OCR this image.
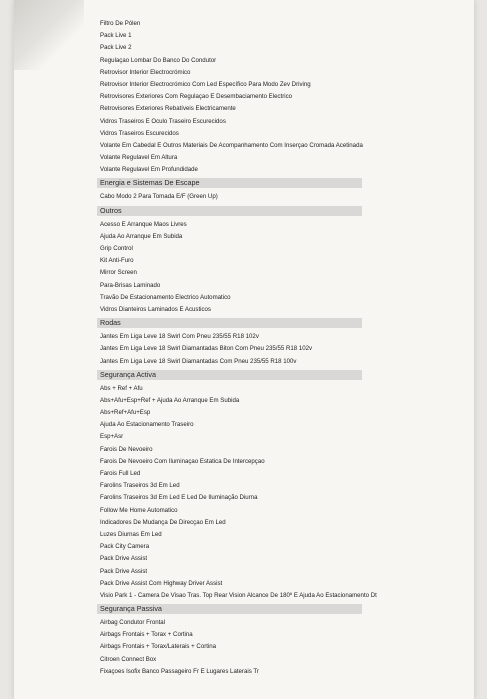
Filtro De Pólen
Pack Live 1
Pack Live 2
Regulaçao Lombar Do Banco Do Condutor
Retrovisor Interior Electrocrómico
Retrovisor Interior Electrocrómico Com Led Específico Para Modo Zev Driving
Retrovisores Exteriores Com Regulaçao E Desembaciamento Electrico
Retrovisores Exteriores Rebatíveis Electricamente
Vidros Traseiros E Oculo Traseiro Escurecidos
Vidros Traseiros Escurecidos
Volante Em Cabedal E Outros Materiais De Acompanhamento Com Inserçao Cromada Acetinada
Volante Regulavel Em Altura
Volante Regulavel Em Profundidade
Energia e Sistemas De Escape
Cabo Modo 2 Para Tomada E/F (Green Up)
Outros
Acesso E Arranque Maos Livres
Ajuda Ao Arranque Em Subida
Grip Control
Kit Anti-Furo
Mirror Screen
Para-Brisas Laminado
Travão De Estacionamento Electrico Automatico
Vidros Dianteiros Laminados E Acusticos
Rodas
Jantes Em Liga Leve 18 Swirl Com Pneu 235/55 R18 102v
Jantes Em Liga Leve 18 Swirl Diamantadas Biton Com Pneu 235/55 R18 102v
Jantes Em Liga Leve 18 Swirl Diamantadas Com Pneu 235/55 R18 100v
Segurança Activa
Abs + Ref + Afu
Abs+Afu+Esp+Ref + Ajuda Ao Arranque Em Subida
Abs+Ref+Afu+Esp
Ajuda Ao Estacionamento Traseiro
Esp+Asr
Farois De Nevoeiro
Farois De Nevoeiro Com Iluminaçao Estatica De Intercepçao
Farois Full Led
Farolins Traseiros 3d Em Led
Farolins Traseiros 3d Em Led E Led De Iluminação Diurna
Follow Me Home Automatico
Indicadores De Mudança De Direcçao Em Led
Luzes Diurnas Em Led
Pack City Camera
Pack Drive Assist
Pack Drive Assist
Pack Drive Assist Com Highway Driver Assist
Visio Park 1 - Camera De Visao Tras. Top Rear Vision Alcance De 180º E Ajuda Ao Estacionamento Dt
Segurança Passiva
Airbag Condutor Frontal
Airbags Frontais + Torax + Cortina
Airbags Frontais + Torax/Laterais + Cortina
Citroen Connect Box
Fixaçoes Isofix Banco Passageiro Fr E Lugares Laterais Tr
